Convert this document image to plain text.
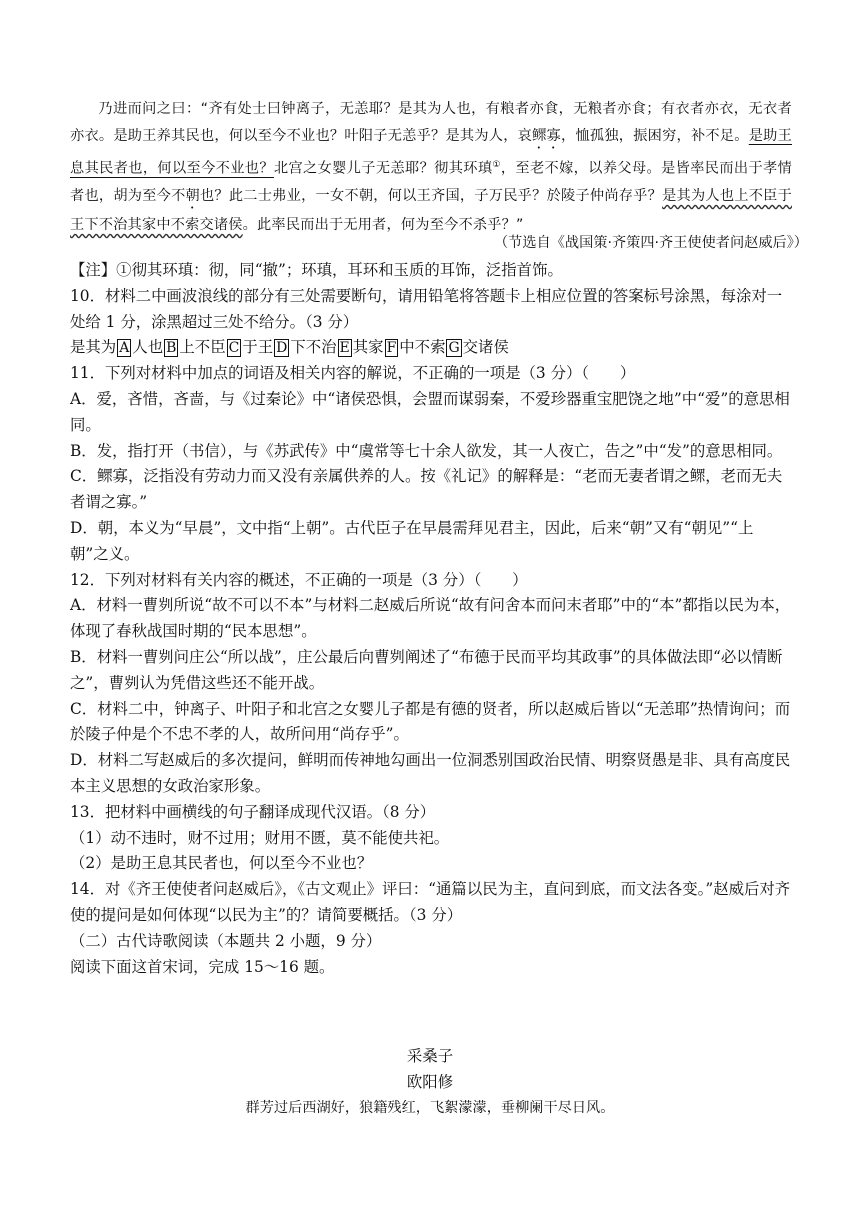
乃进而问之曰：“齐有处士曰钟离子，无恙耶？是其为人也，有粮者亦食，无粮者亦食；有衣者亦衣，无衣者亦衣。是助王养其民也，何以至今不业也？叶阳子无恙乎？是其为人，哀鳏寡，恤孤独，振困穷，补不足。是助王息其民者也，何以至今不业也？北宫之女婴儿子无恙耶？彻其环瑱①，至老不嫁，以养父母。是皆率民而出于孝情者也，胡为至今不朝也？此二士弗业，一女不朝，何以王齐国，子万民乎？於陵子仲尚存乎？是其为人也上不臣于王下不治其家中不索交诸侯。此率民而出于无用者，何为至今不杀乎？”

（节选自《战国策·齐策四·齐王使使者问赵威后》）

【注】①彻其环瑱：彻，同“撤”；环瑱，耳环和玉质的耳饰，泛指首饰。

10．材料二中画波浪线的部分有三处需要断句，请用铅笔将答题卡上相应位置的答案标号涂黑，每涂对一处给 1 分，涂黑超过三处不给分。（3 分）

是其为 A 人也 B 上不臣 C 于王 D 下不治 E 其家 F 中不索 G 交诸侯

11．下列对材料中加点的词语及相关内容的解说，不正确的一项是（3 分）（　　）

A．爱，吝惜，吝啬，与《过秦论》中“诸侯恐惧，会盟而谋弱秦，不爱珍器重宝肥饶之地”中“爱”的意思相同。

B．发，指打开（书信），与《苏武传》中“虞常等七十余人欲发，其一人夜亡，告之”中“发”的意思相同。

C．鳏寡，泛指没有劳动力而又没有亲属供养的人。按《礼记》的解释是：“老而无妻者谓之鳏，老而无夫者谓之寡。”

D．朝，本义为“早晨”，文中指“上朝”。古代臣子在早晨需拜见君主，因此，后来“朝”又有“朝见”“上朝”之义。

12．下列对材料有关内容的概述，不正确的一项是（3 分）（　　）

A．材料一曹刿所说“故不可以不本”与材料二赵威后所说“故有问舍本而问末者耶”中的“本”都指以民为本，体现了春秋战国时期的“民本思想”。

B．材料一曹刿问庄公“所以战”，庄公最后向曹刿阐述了“布德于民而平均其政事”的具体做法即“必以情断之”，曹刿认为凭借这些还不能开战。

C．材料二中，钟离子、叶阳子和北宫之女婴儿子都是有德的贤者，所以赵威后皆以“无恙耶”热情询问；而於陵子仲是个不忠不孝的人，故所问用“尚存乎”。

D．材料二写赵威后的多次提问，鲜明而传神地勾画出一位洞悉别国政治民情、明察贤愚是非、具有高度民本主义思想的女政治家形象。

13．把材料中画横线的句子翻译成现代汉语。（8 分）

（1）动不违时，财不过用；财用不匮，莫不能使共祀。

（2）是助王息其民者也，何以至今不业也？

14．对《齐王使使者问赵威后》，《古文观止》评曰：“通篇以民为主，直问到底，而文法各变。”赵威后对齐使的提问是如何体现“以民为主”的？请简要概括。（3 分）

（二）古代诗歌阅读（本题共 2 小题，9 分）

阅读下面这首宋词，完成 15～16 题。

采桑子
欧阳修
群芳过后西湖好，狼籍残红，飞絮濛濛，垂柳阑干尽日风。
